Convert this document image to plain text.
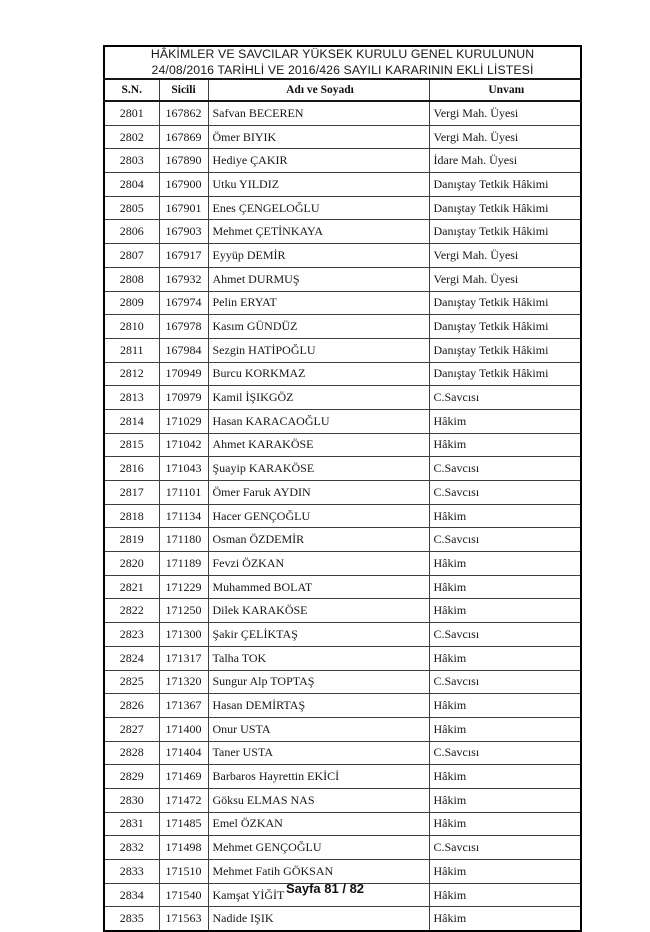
HÂKİMLER VE SAVCILAR YÜKSEK KURULU GENEL KURULUNUN
24/08/2016 TARİHLİ VE 2016/426 SAYILI KARARININ EKLİ LİSTESİ			

S.N.	Sicili	Adı ve Soyadı	Unvanı
2801	167862	Safvan BECEREN	Vergi Mah. Üyesi
2802	167869	Ömer BIYIK	Vergi Mah. Üyesi
2803	167890	Hediye ÇAKIR	İdare Mah. Üyesi
2804	167900	Utku YILDIZ	Danıştay Tetkik Hâkimi
2805	167901	Enes ÇENGELOĞLU	Danıştay Tetkik Hâkimi
2806	167903	Mehmet ÇETİNKAYA	Danıştay Tetkik Hâkimi
2807	167917	Eyyüp DEMİR	Vergi Mah. Üyesi
2808	167932	Ahmet DURMUŞ	Vergi Mah. Üyesi
2809	167974	Pelin ERYAT	Danıştay Tetkik Hâkimi
2810	167978	Kasım GÜNDÜZ	Danıştay Tetkik Hâkimi
2811	167984	Sezgin HATİPOĞLU	Danıştay Tetkik Hâkimi
2812	170949	Burcu KORKMAZ	Danıştay Tetkik Hâkimi
2813	170979	Kamil İŞIKGÖZ	C.Savcısı
2814	171029	Hasan KARACAOĞLU	Hâkim
2815	171042	Ahmet KARAKÖSE	Hâkim
2816	171043	Şuayip KARAKÖSE	C.Savcısı
2817	171101	Ömer Faruk AYDIN	C.Savcısı
2818	171134	Hacer GENÇOĞLU	Hâkim
2819	171180	Osman ÖZDEMİR	C.Savcısı
2820	171189	Fevzi ÖZKAN	Hâkim
2821	171229	Muhammed BOLAT	Hâkim
2822	171250	Dilek KARAKÖSE	Hâkim
2823	171300	Şakir ÇELİKTAŞ	C.Savcısı
2824	171317	Talha TOK	Hâkim
2825	171320	Sungur Alp TOPTAŞ	C.Savcısı
2826	171367	Hasan DEMİRTAŞ	Hâkim
2827	171400	Onur USTA	Hâkim
2828	171404	Taner USTA	C.Savcısı
2829	171469	Barbaros Hayrettin EKİCİ	Hâkim
2830	171472	Göksu ELMAS NAS	Hâkim
2831	171485	Emel ÖZKAN	Hâkim
2832	171498	Mehmet GENÇOĞLU	C.Savcısı
2833	171510	Mehmet Fatih GÖKSAN	Hâkim
2834	171540	Kamşat YİĞİT	Hâkim
2835	171563	Nadide IŞIK	Hâkim
Sayfa 81 / 82
